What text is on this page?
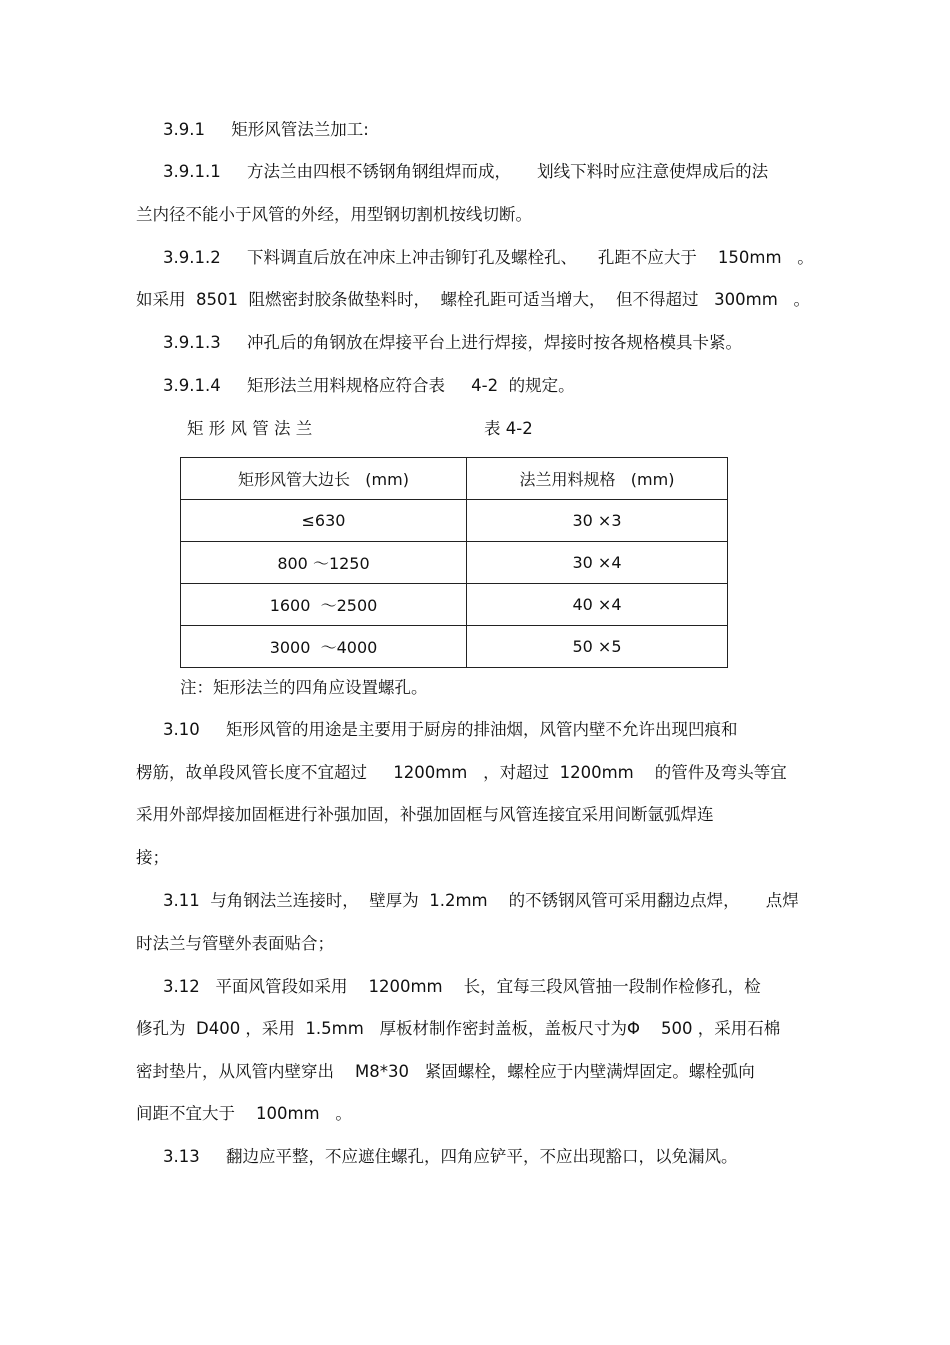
3.9.1     矩形风管法兰加工:
3.9.1.1     方法兰由四根不锈钢角钢组焊而成，     划线下料时应注意使焊成后的法
兰内径不能小于风管的外经，用型钢切割机按线切断。
3.9.1.2     下料调直后放在冲床上冲击铆钉孔及螺栓孔、    孔距不应大于    150mm   。
如采用  8501  阻燃密封胶条做垫料时，  螺栓孔距可适当增大，  但不得超过   300mm   。
3.9.1.3     冲孔后的角钢放在焊接平台上进行焊接，焊接时按各规格模具卡紧。
3.9.1.4     矩形法兰用料规格应符合表     4-2  的规定。
矩 形 风 管 法 兰	表 4-2
矩形风管大边长   (mm)	法兰用料规格   (mm)
≤630	30 ×3
800 ～1250	30 ×4
1600  ～2500	40 ×4
3000  ～4000	50 ×5
注：矩形法兰的四角应设置螺孔。
3.10     矩形风管的用途是主要用于厨房的排油烟，风管内壁不允许出现凹痕和
楞筋，故单段风管长度不宜超过     1200mm   ，对超过  1200mm    的管件及弯头等宜
采用外部焊接加固框进行补强加固，补强加固框与风管连接宜采用间断氩弧焊连
接；
3.11  与角钢法兰连接时，  壁厚为  1.2mm    的不锈钢风管可采用翻边点焊，     点焊
时法兰与管壁外表面贴合；
3.12   平面风管段如采用    1200mm    长，宜每三段风管抽一段制作检修孔，检
修孔为  D400 ，采用  1.5mm   厚板材制作密封盖板，盖板尺寸为Φ    500 ，采用石棉
密封垫片，从风管内壁穿出    M8*30   紧固螺栓，螺栓应于内壁满焊固定。螺栓弧向
间距不宜大于    100mm   。
3.13     翻边应平整，不应遮住螺孔，四角应铲平，不应出现豁口，以免漏风。
